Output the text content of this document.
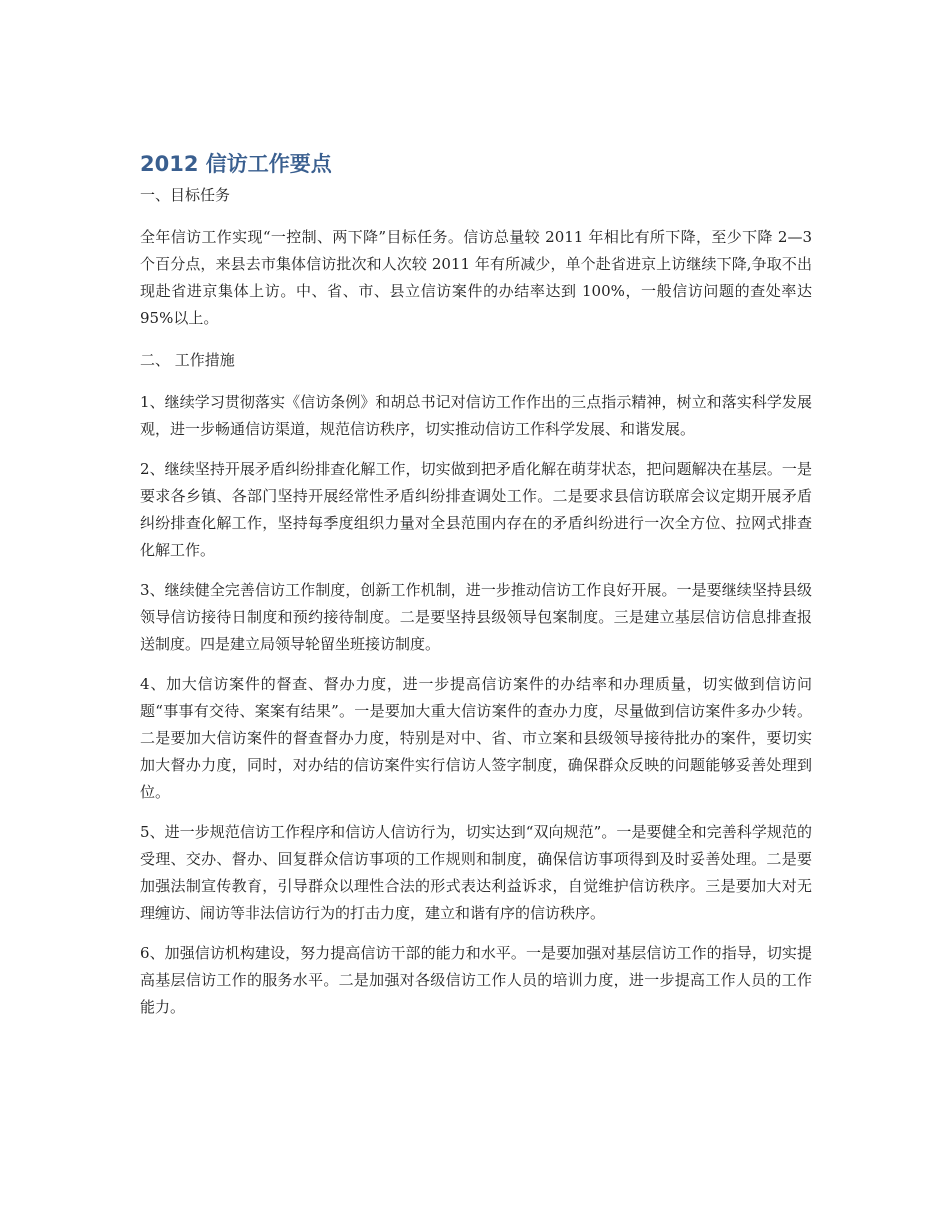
2012 信访工作要点

一、目标任务

全年信访工作实现“一控制、两下降”目标任务。信访总量较 2011 年相比有所下降，至少下降 2—3 个百分点，来县去市集体信访批次和人次较 2011 年有所减少，单个赴省进京上访继续下降,争取不出现赴省进京集体上访。中、省、市、县立信访案件的办结率达到 100%，一般信访问题的查处率达 95%以上。

二、 工作措施

1、继续学习贯彻落实《信访条例》和胡总书记对信访工作作出的三点指示精神，树立和落实科学发展观，进一步畅通信访渠道，规范信访秩序，切实推动信访工作科学发展、和谐发展。

2、继续坚持开展矛盾纠纷排查化解工作，切实做到把矛盾化解在萌芽状态，把问题解决在基层。一是要求各乡镇、各部门坚持开展经常性矛盾纠纷排查调处工作。二是要求县信访联席会议定期开展矛盾纠纷排查化解工作，坚持每季度组织力量对全县范围内存在的矛盾纠纷进行一次全方位、拉网式排查化解工作。

3、继续健全完善信访工作制度，创新工作机制，进一步推动信访工作良好开展。一是要继续坚持县级领导信访接待日制度和预约接待制度。二是要坚持县级领导包案制度。三是建立基层信访信息排查报送制度。四是建立局领导轮留坐班接访制度。

4、加大信访案件的督查、督办力度，进一步提高信访案件的办结率和办理质量，切实做到信访问题“事事有交待、案案有结果”。一是要加大重大信访案件的查办力度，尽量做到信访案件多办少转。二是要加大信访案件的督查督办力度，特别是对中、省、市立案和县级领导接待批办的案件，要切实加大督办力度，同时，对办结的信访案件实行信访人签字制度，确保群众反映的问题能够妥善处理到位。

5、进一步规范信访工作程序和信访人信访行为，切实达到“双向规范”。一是要健全和完善科学规范的受理、交办、督办、回复群众信访事项的工作规则和制度，确保信访事项得到及时妥善处理。二是要加强法制宣传教育，引导群众以理性合法的形式表达利益诉求，自觉维护信访秩序。三是要加大对无理缠访、闹访等非法信访行为的打击力度，建立和谐有序的信访秩序。

6、加强信访机构建设，努力提高信访干部的能力和水平。一是要加强对基层信访工作的指导，切实提高基层信访工作的服务水平。二是加强对各级信访工作人员的培训力度，进一步提高工作人员的工作能力。
